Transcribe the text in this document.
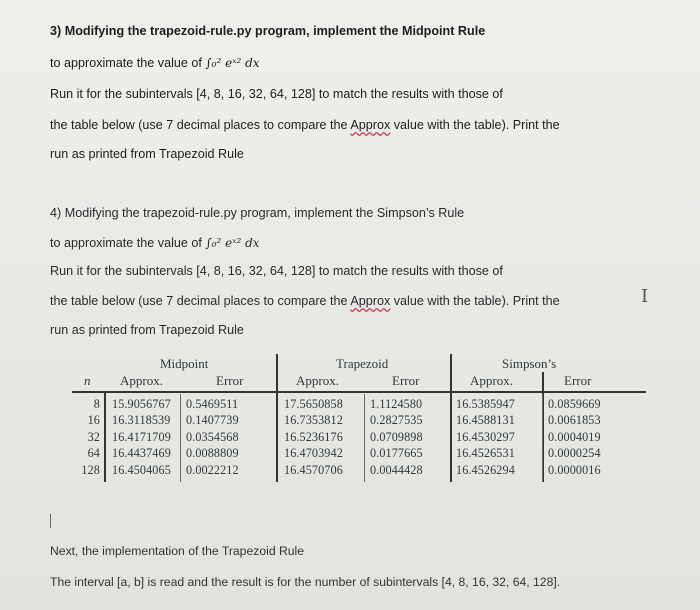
3) Modifying the trapezoid-rule.py program, implement the Midpoint Rule
to approximate the value of ∫₀² eˣ² dx
Run it for the subintervals [4, 8, 16, 32, 64, 128] to match the results with those of
the table below (use 7 decimal places to compare the Approx value with the table). Print the
run as printed from Trapezoid Rule
4) Modifying the trapezoid-rule.py program, implement the Simpson’s Rule
to approximate the value of ∫₀² eˣ² dx
Run it for the subintervals [4, 8, 16, 32, 64, 128] to match the results with those of
the table below (use 7 decimal places to compare the Approx value with the table). Print the
run as printed from Trapezoid Rule
I
Midpoint	Trapezoid	Simpson’s
n Approx.	Error	Approx.	Error	Approx.	Error
8 15.9056767 0.5469511	17.5650858 1.1124580	16.5385947	0.0859669
16 16.3118539 0.1407739	16.7353812 0.2827535	16.4588131	0.0061853
32 16.4171709 0.0354568	16.5236176 0.0709898	16.4530297	0.0004019
64 16.4437469 0.0088809	16.4703942 0.0177665	16.4526531	0.0000254
128 16.4504065 0.0022212	16.4570706 0.0044428	16.4526294	0.0000016
Next, the implementation of the Trapezoid Rule
The interval [a, b] is read and the result is for the number of subintervals [4, 8, 16, 32, 64, 128].
